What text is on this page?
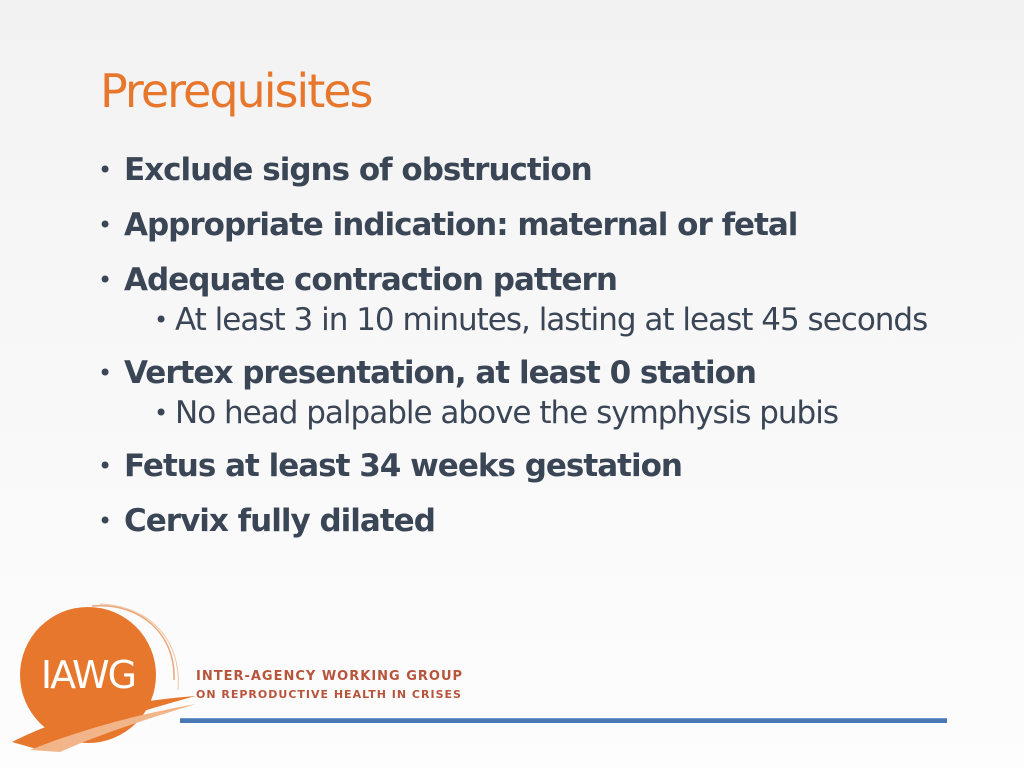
Prerequisites
• Exclude signs of obstruction
• Appropriate indication: maternal or fetal
• Adequate contraction pattern
• At least 3 in 10 minutes, lasting at least 45 seconds
• Vertex presentation, at least 0 station
• No head palpable above the symphysis pubis
• Fetus at least 34 weeks gestation
• Cervix fully dilated
IAWG	INTER-AGENCY WORKING GROUP
ON REPRODUCTIVE HEALTH IN CRISES
